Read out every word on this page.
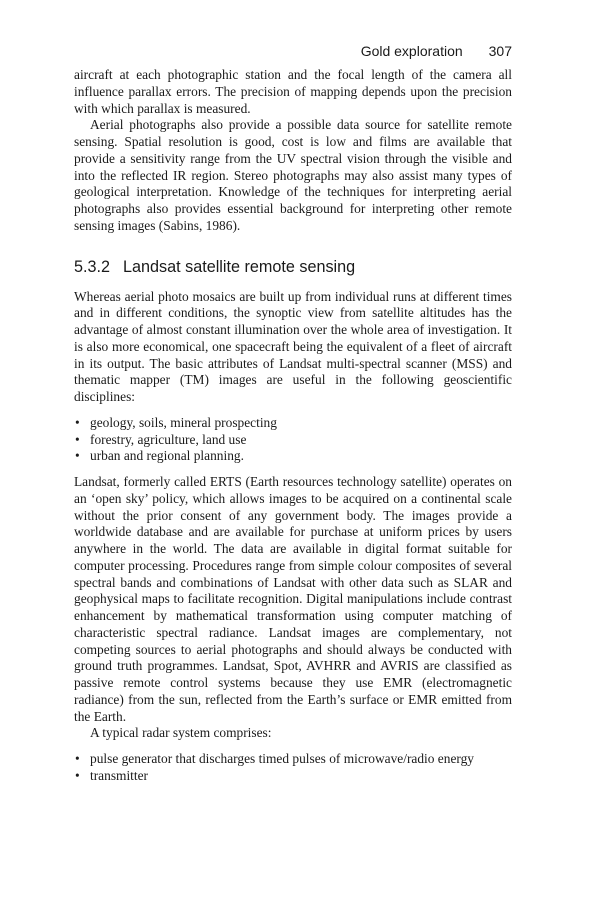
Gold exploration 307

aircraft at each photographic station and the focal length of the camera all influence parallax errors. The precision of mapping depends upon the precision with which parallax is measured.

Aerial photographs also provide a possible data source for satellite remote sensing. Spatial resolution is good, cost is low and films are available that provide a sensitivity range from the UV spectral vision through the visible and into the reflected IR region. Stereo photographs may also assist many types of geological interpretation. Knowledge of the techniques for interpreting aerial photographs also provides essential background for interpreting other remote sensing images (Sabins, 1986).

5.3.2 Landsat satellite remote sensing

Whereas aerial photo mosaics are built up from individual runs at different times and in different conditions, the synoptic view from satellite altitudes has the advantage of almost constant illumination over the whole area of investigation. It is also more economical, one spacecraft being the equivalent of a fleet of aircraft in its output. The basic attributes of Landsat multi-spectral scanner (MSS) and thematic mapper (TM) images are useful in the following geoscientific disciplines:

• geology, soils, mineral prospecting
• forestry, agriculture, land use
• urban and regional planning.

Landsat, formerly called ERTS (Earth resources technology satellite) operates on an ‘open sky’ policy, which allows images to be acquired on a continental scale without the prior consent of any government body. The images provide a worldwide database and are available for purchase at uniform prices by users anywhere in the world. The data are available in digital format suitable for computer processing. Procedures range from simple colour composites of several spectral bands and combinations of Landsat with other data such as SLAR and geophysical maps to facilitate recognition. Digital manipulations include contrast enhancement by mathematical transformation using computer matching of characteristic spectral radiance. Landsat images are complementary, not competing sources to aerial photographs and should always be conducted with ground truth programmes. Landsat, Spot, AVHRR and AVRIS are classified as passive remote control systems because they use EMR (electromagnetic radiance) from the sun, reflected from the Earth’s surface or EMR emitted from the Earth.

A typical radar system comprises:

• pulse generator that discharges timed pulses of microwave/radio energy
• transmitter
